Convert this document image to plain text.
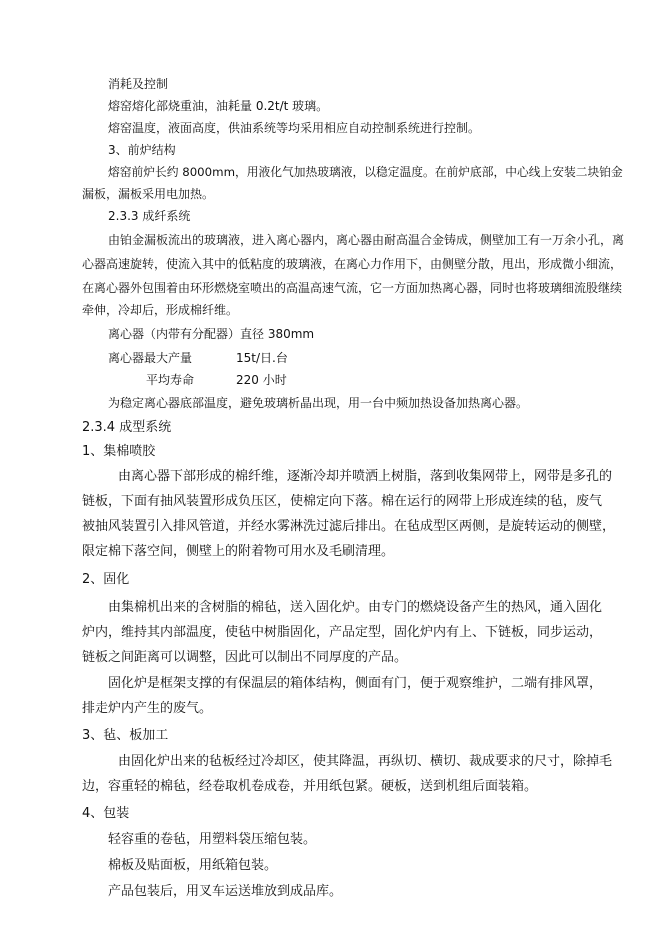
消耗及控制
熔窑熔化部烧重油，油耗量 0.2t/t 玻璃。
熔窑温度，液面高度，供油系统等均采用相应自动控制系统进行控制。
3、前炉结构
熔窑前炉长约 8000mm，用液化气加热玻璃液，以稳定温度。在前炉底部，中心线上安装二块铂金
漏板，漏板采用电加热。
2.3.3 成纤系统
由铂金漏板流出的玻璃液，进入离心器内，离心器由耐高温合金铸成，侧壁加工有一万余小孔，离
心器高速旋转，使流入其中的低粘度的玻璃液，在离心力作用下，由侧壁分散，甩出，形成微小细流，
在离心器外包围着由环形燃烧室喷出的高温高速气流，它一方面加热离心器，同时也将玻璃细流股继续
牵伸，冷却后，形成棉纤维。
离心器（内带有分配器）直径 380mm
离心器最大产量	15t/日.台
平均寿命	220 小时
为稳定离心器底部温度，避免玻璃析晶出现，用一台中频加热设备加热离心器。
2.3.4 成型系统
1、集棉喷胶
由离心器下部形成的棉纤维，逐渐冷却并喷洒上树脂，落到收集网带上，网带是多孔的
链板，下面有抽风装置形成负压区，使棉定向下落。棉在运行的网带上形成连续的毡，废气
被抽风装置引入排风管道，并经水雾淋洗过滤后排出。在毡成型区两侧，是旋转运动的侧壁，
限定棉下落空间，侧壁上的附着物可用水及毛刷清理。
2、固化
由集棉机出来的含树脂的棉毡，送入固化炉。由专门的燃烧设备产生的热风，通入固化
炉内，维持其内部温度，使毡中树脂固化，产品定型，固化炉内有上、下链板，同步运动，
链板之间距离可以调整，因此可以制出不同厚度的产品。
固化炉是框架支撑的有保温层的箱体结构，侧面有门，便于观察维护，二端有排风罩，
排走炉内产生的废气。
3、毡、板加工
由固化炉出来的毡板经过冷却区，使其降温，再纵切、横切、裁成要求的尺寸，除掉毛
边，容重轻的棉毡，经卷取机卷成卷，并用纸包紧。硬板，送到机组后面装箱。
4、包装
轻容重的卷毡，用塑料袋压缩包装。
棉板及贴面板，用纸箱包装。
产品包装后，用叉车运送堆放到成品库。
